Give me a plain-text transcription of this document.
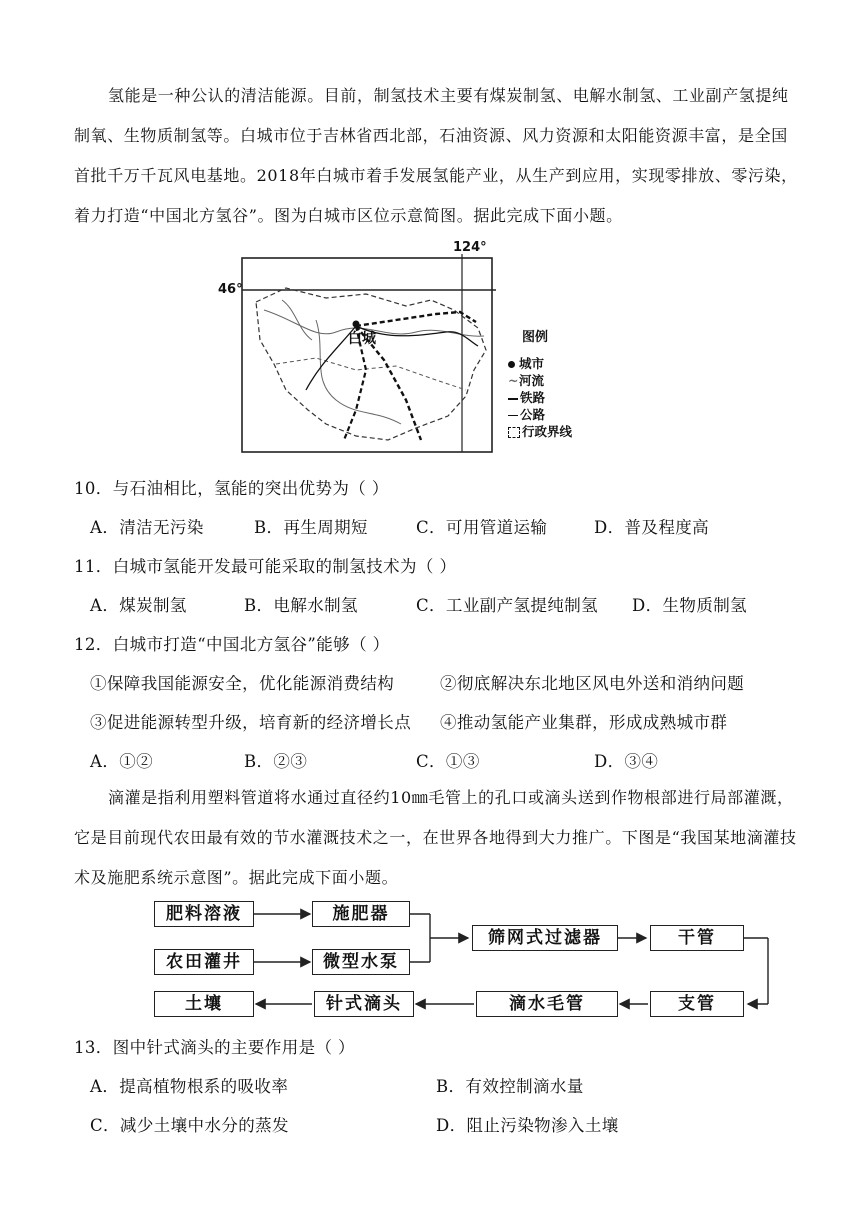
氢能是一种公认的清洁能源。目前，制氢技术主要有煤炭制氢、电解水制氢、工业副产氢提纯制氧、生物质制氢等。白城市位于吉林省西北部，石油资源、风力资源和太阳能资源丰富，是全国首批千万千瓦风电基地。2018年白城市着手发展氢能产业，从生产到应用，实现零排放、零污染，着力打造“中国北方氢谷”。图为白城市区位示意简图。据此完成下面小题。
124°
46°
白城	图例
城市
~河流
铁路
公路
行政界线
10．与石油相比，氢能的突出优势为（ ）
A．清洁无污染	B．再生周期短	C．可用管道运输	D．普及程度高
11．白城市氢能开发最可能采取的制氢技术为（ ）
A．煤炭制氢	B．电解水制氢	C．工业副产氢提纯制氢 D．生物质制氢
12．白城市打造“中国北方氢谷”能够（ ）
①保障我国能源安全，优化能源消费结构	②彻底解决东北地区风电外送和消纳问题
③促进能源转型升级，培育新的经济增长点 ④推动氢能产业集群，形成成熟城市群
A．①②	B．②③	C．①③	D．③④
滴灌是指利用塑料管道将水通过直径约10㎜毛管上的孔口或滴头送到作物根部进行局部灌溉，它是目前现代农田最有效的节水灌溉技术之一，在世界各地得到大力推广。下图是“我国某地滴灌技术及施肥系统示意图”。据此完成下面小题。
肥料溶液	施肥器
农田灌井	微型水泵
筛网式过滤器	干管
支管
滴水毛管
针式滴头
土壤
13．图中针式滴头的主要作用是（ ）
A．提高植物根系的吸收率	B．有效控制滴水量
C．减少土壤中水分的蒸发	D．阻止污染物渗入土壤
